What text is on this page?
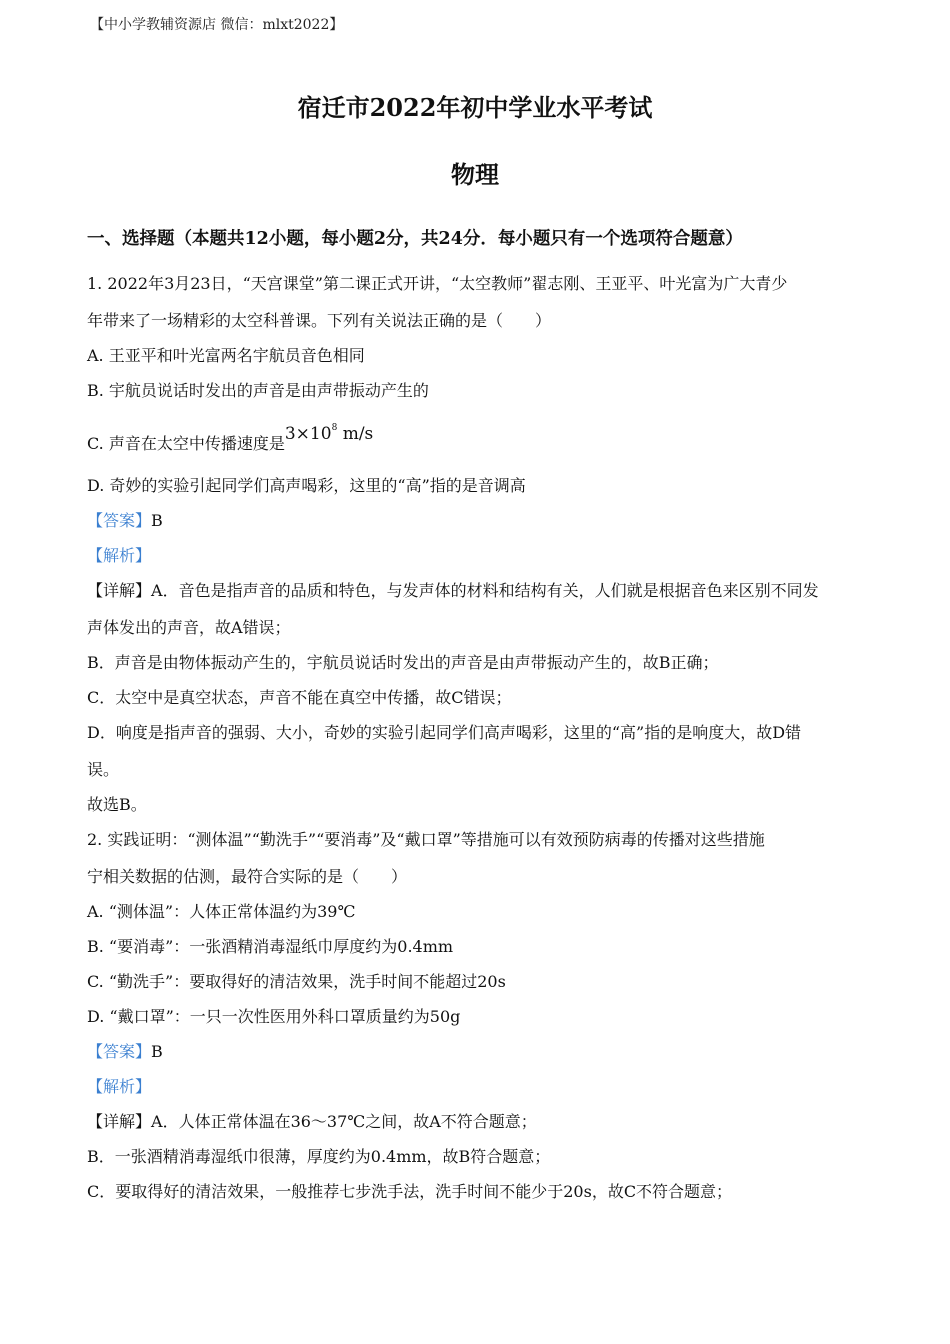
【中小学教辅资源店 微信：mlxt2022】
宿迁市2022年初中学业水平考试
物理
一、选择题（本题共12小题，每小题2分，共24分．每小题只有一个选项符合题意）
1. 2022年3月23日，“天宫课堂”第二课正式开讲，“太空教师”翟志刚、王亚平、叶光富为广大青少
年带来了一场精彩的太空科普课。下列有关说法正确的是（　　）
A. 王亚平和叶光富两名宇航员音色相同
B. 宇航员说话时发出的声音是由声带振动产生的
C. 声音在太空中传播速度是$3\times 10^8$ m/s
D. 奇妙的实验引起同学们高声喝彩，这里的“高”指的是音调高
【答案】B
【解析】
【详解】A．音色是指声音的品质和特色，与发声体的材料和结构有关，人们就是根据音色来区别不同发
声体发出的声音，故A错误；
B．声音是由物体振动产生的，宇航员说话时发出的声音是由声带振动产生的，故B正确；
C．太空中是真空状态，声音不能在真空中传播，故C错误；
D．响度是指声音的强弱、大小，奇妙的实验引起同学们高声喝彩，这里的“高”指的是响度大，故D错
误。
故选B。
2. 实践证明：“测体温”“勤洗手”“要消毒”及“戴口罩”等措施可以有效预防病毒的传播对这些措施
宁相关数据的估测，最符合实际的是（　　）
A. “测体温”：人体正常体温约为39℃
B. “要消毒”：一张酒精消毒湿纸巾厚度约为0.4mm
C. “勤洗手”：要取得好的清洁效果，洗手时间不能超过20s
D. “戴口罩”：一只一次性医用外科口罩质量约为50g
【答案】B
【解析】
【详解】A．人体正常体温在36～37℃之间，故A不符合题意；
B．一张酒精消毒湿纸巾很薄，厚度约为0.4mm，故B符合题意；
C．要取得好的清洁效果，一般推荐七步洗手法，洗手时间不能少于20s，故C不符合题意；
